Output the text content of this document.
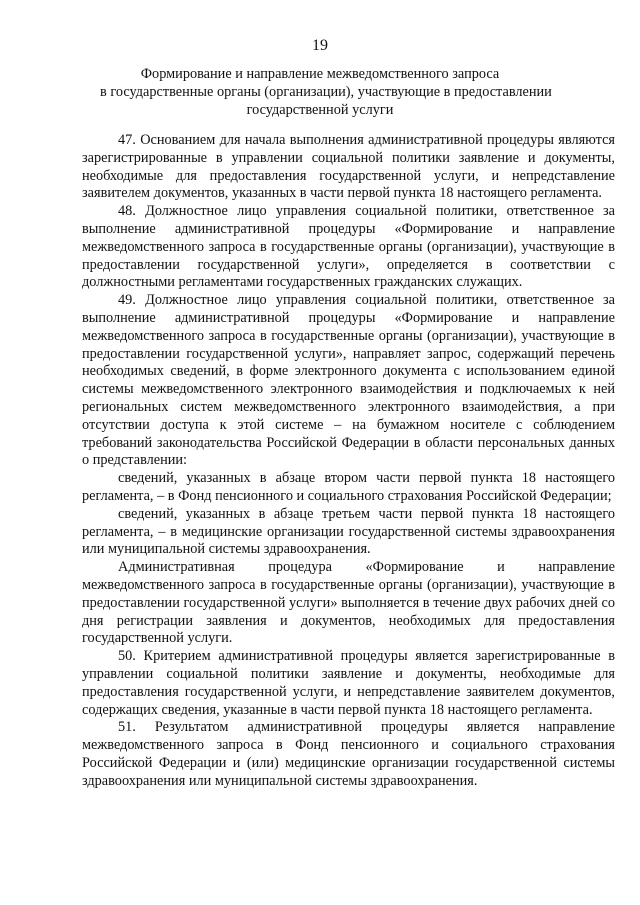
19
Формирование и направление межведомственного запроса
в государственные органы (организации), участвующие в предоставлении
государственной услуги

47. Основанием для начала выполнения административной процедуры являются зарегистрированные в управлении социальной политики заявление и документы, необходимые для предоставления государственной услуги, и непредставление заявителем документов, указанных в части первой пункта 18 настоящего регламента.

48. Должностное лицо управления социальной политики, ответственное за выполнение административной процедуры «Формирование и направление межведомственного запроса в государственные органы (организации), участвующие в предоставлении государственной услуги», определяется в соответствии с должностными регламентами государственных гражданских служащих.

49. Должностное лицо управления социальной политики, ответственное за выполнение административной процедуры «Формирование и направление межведомственного запроса в государственные органы (организации), участвующие в предоставлении государственной услуги», направляет запрос, содержащий перечень необходимых сведений, в форме электронного документа с использованием единой системы межведомственного электронного взаимодействия и подключаемых к ней региональных систем межведомственного электронного взаимодействия, а при отсутствии доступа к этой системе – на бумажном носителе с соблюдением требований законодательства Российской Федерации в области персональных данных о представлении:

сведений, указанных в абзаце втором части первой пункта 18 настоящего регламента, – в Фонд пенсионного и социального страхования Российской Федерации;

сведений, указанных в абзаце третьем части первой пункта 18 настоящего регламента, – в медицинские организации государственной системы здравоохранения или муниципальной системы здравоохранения.

Административная процедура «Формирование и направление межведомственного запроса в государственные органы (организации), участвующие в предоставлении государственной услуги» выполняется в течение двух рабочих дней со дня регистрации заявления и документов, необходимых для предоставления государственной услуги.

50. Критерием административной процедуры является зарегистрированные в управлении социальной политики заявление и документы, необходимые для предоставления государственной услуги, и непредставление заявителем документов, содержащих сведения, указанные в части первой пункта 18 настоящего регламента.

51. Результатом административной процедуры является направление межведомственного запроса в Фонд пенсионного и социального страхования Российской Федерации и (или) медицинские организации государственной системы здравоохранения или муниципальной системы здравоохранения.
